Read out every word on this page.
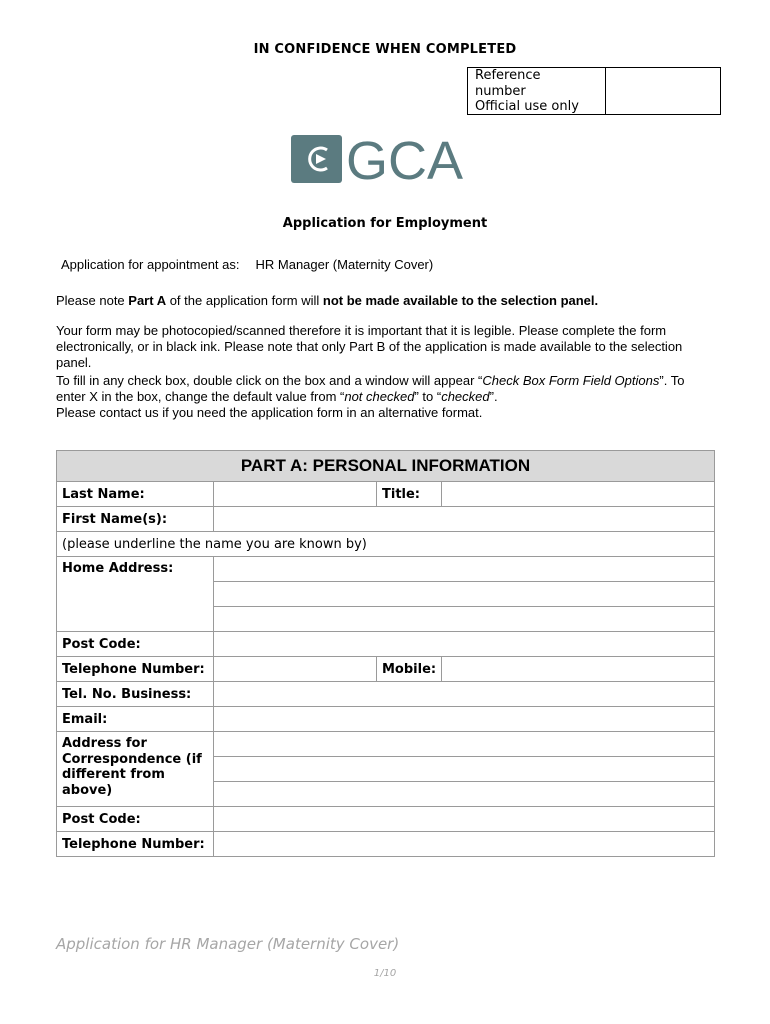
IN CONFIDENCE WHEN COMPLETED
Reference
number
Official use only
GCA
Application for Employment
Application for appointment as: HR Manager (Maternity Cover)
Please note Part A of the application form will not be made available to the selection panel.
Your form may be photocopied/scanned therefore it is important that it is legible. Please complete the form electronically, or in black ink. Please note that only Part B of the application is made available to the selection panel.
To fill in any check box, double click on the box and a window will appear “Check Box Form Field Options”. To enter X in the box, change the default value from “not checked” to “checked”.
Please contact us if you need the application form in an alternative format.
PART A: PERSONAL INFORMATION			
Last Name:		Title:	
First Name(s):			
(please underline the name you are known by)			
Home Address:			

Post Code:			
Telephone Number:		Mobile:	
Tel. No. Business:			
Email:			

Address for
Correspondence (if
different from above)			

Post Code:			
Telephone Number:			
Application for HR Manager (Maternity Cover)
1/10
